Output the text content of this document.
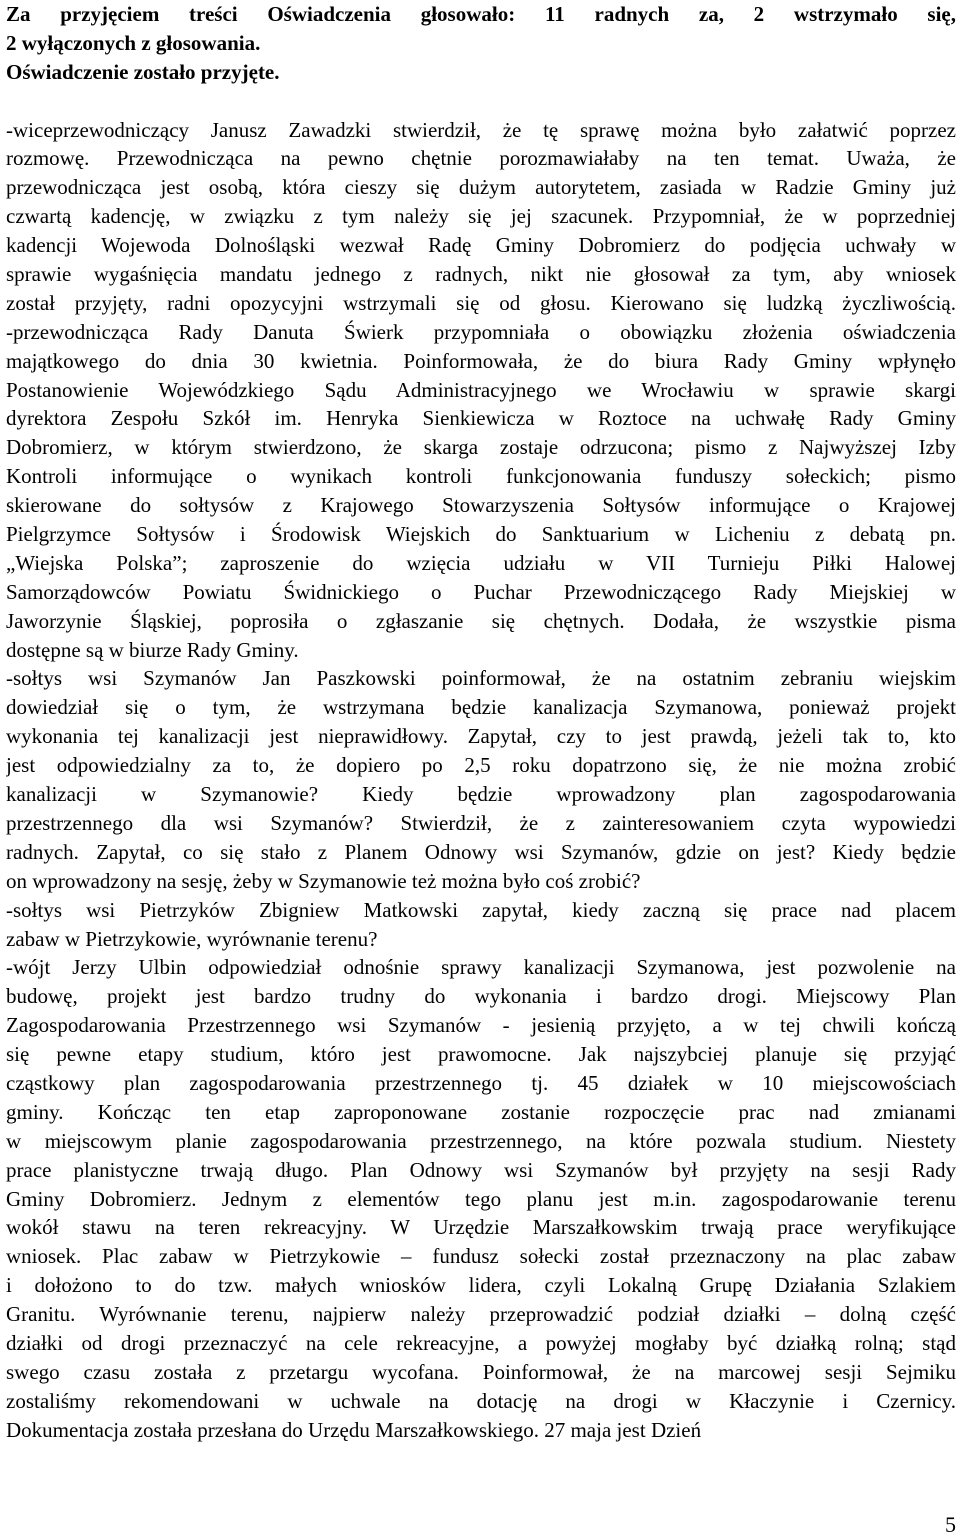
Za przyjęciem treści Oświadczenia głosowało: 11 radnych za, 2 wstrzymało się,
2 wyłączonych z głosowania.
Oświadczenie zostało przyjęte.
-wiceprzewodniczący Janusz Zawadzki stwierdził, że tę sprawę można było załatwić poprzez
rozmowę. Przewodnicząca na pewno chętnie porozmawiałaby na ten temat. Uważa, że
przewodnicząca jest osobą, która cieszy się dużym autorytetem, zasiada w Radzie Gminy już
czwartą kadencję, w związku z tym należy się jej szacunek. Przypomniał, że w poprzedniej
kadencji Wojewoda Dolnośląski wezwał Radę Gminy Dobromierz do podjęcia uchwały w
sprawie wygaśnięcia mandatu jednego z radnych, nikt nie głosował za tym, aby wniosek
został przyjęty, radni opozycyjni wstrzymali się od głosu. Kierowano się ludzką życzliwością.
-przewodnicząca Rady Danuta Świerk przypomniała o obowiązku złożenia oświadczenia
majątkowego do dnia 30 kwietnia. Poinformowała, że do biura Rady Gminy wpłynęło
Postanowienie Wojewódzkiego Sądu Administracyjnego we Wrocławiu w sprawie skargi
dyrektora Zespołu Szkół im. Henryka Sienkiewicza w Roztoce na uchwałę Rady Gminy
Dobromierz, w którym stwierdzono, że skarga zostaje odrzucona; pismo z Najwyższej Izby
Kontroli informujące o wynikach kontroli funkcjonowania funduszy sołeckich; pismo
skierowane do sołtysów z Krajowego Stowarzyszenia Sołtysów informujące o Krajowej
Pielgrzymce Sołtysów i Środowisk Wiejskich do Sanktuarium w Licheniu z debatą pn.
„Wiejska Polska”; zaproszenie do wzięcia udziału w VII Turnieju Piłki Halowej
Samorządowców Powiatu Świdnickiego o Puchar Przewodniczącego Rady Miejskiej w
Jaworzynie Śląskiej, poprosiła o zgłaszanie się chętnych. Dodała, że wszystkie pisma
dostępne są w biurze Rady Gminy.
-sołtys wsi Szymanów Jan Paszkowski poinformował, że na ostatnim zebraniu wiejskim
dowiedział się o tym, że wstrzymana będzie kanalizacja Szymanowa, ponieważ projekt
wykonania tej kanalizacji jest nieprawidłowy. Zapytał, czy to jest prawdą, jeżeli tak to, kto
jest odpowiedzialny za to, że dopiero po 2,5 roku dopatrzono się, że nie można zrobić
kanalizacji w Szymanowie? Kiedy będzie wprowadzony plan zagospodarowania
przestrzennego dla wsi Szymanów? Stwierdził, że z zainteresowaniem czyta wypowiedzi
radnych. Zapytał, co się stało z Planem Odnowy wsi Szymanów, gdzie on jest? Kiedy będzie
on wprowadzony na sesję, żeby w Szymanowie też można było coś zrobić?
-sołtys wsi Pietrzyków Zbigniew Matkowski zapytał, kiedy zaczną się prace nad placem
zabaw w Pietrzykowie, wyrównanie terenu?
-wójt Jerzy Ulbin odpowiedział odnośnie sprawy kanalizacji Szymanowa, jest pozwolenie na
budowę, projekt jest bardzo trudny do wykonania i bardzo drogi. Miejscowy Plan
Zagospodarowania Przestrzennego wsi Szymanów - jesienią przyjęto, a w tej chwili kończą
się pewne etapy studium, któro jest prawomocne. Jak najszybciej planuje się przyjąć
cząstkowy plan zagospodarowania przestrzennego tj. 45 działek w 10 miejscowościach
gminy. Kończąc ten etap zaproponowane zostanie rozpoczęcie prac nad zmianami
w miejscowym planie zagospodarowania przestrzennego, na które pozwala studium. Niestety
prace planistyczne trwają długo. Plan Odnowy wsi Szymanów był przyjęty na sesji Rady
Gminy Dobromierz. Jednym z elementów tego planu jest m.in. zagospodarowanie terenu
wokół stawu na teren rekreacyjny. W Urzędzie Marszałkowskim trwają prace weryfikujące
wniosek. Plac zabaw w Pietrzykowie – fundusz sołecki został przeznaczony na plac zabaw
i dołożono to do tzw. małych wniosków lidera, czyli Lokalną Grupę Działania Szlakiem
Granitu. Wyrównanie terenu, najpierw należy przeprowadzić podział działki – dolną część
działki od drogi przeznaczyć na cele rekreacyjne, a powyżej mogłaby być działką rolną; stąd
swego czasu została z przetargu wycofana. Poinformował, że na marcowej sesji Sejmiku
zostaliśmy rekomendowani w uchwale na dotację na drogi w Kłaczynie i Czernicy.
Dokumentacja została przesłana do Urzędu Marszałkowskiego. 27 maja jest Dzień
5
